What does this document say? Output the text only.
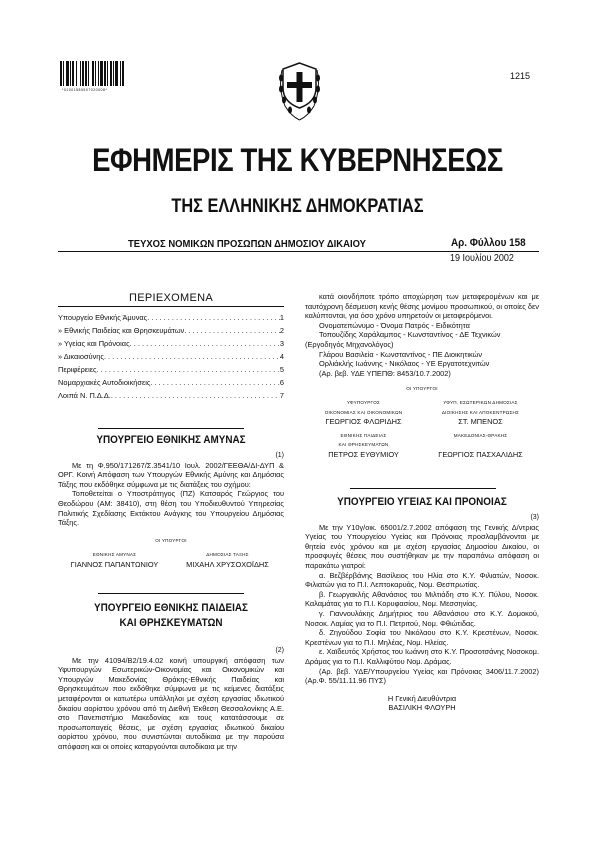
*01001580507020008*
1215
ΕΦΗΜΕΡΙΣ ΤΗΣ ΚΥΒΕΡΝΗΣΕΩΣ
ΤΗΣ ΕΛΛΗΝΙΚΗΣ ΔΗΜΟΚΡΑΤΙΑΣ
ΤΕΥΧΟΣ ΝΟΜΙΚΩΝ ΠΡΟΣΩΠΩΝ ΔΗΜΟΣΙΟΥ ΔΙΚΑΙΟΥ	Αρ. Φύλλου 158
19 Ιουλίου 2002
ΠΕΡΙΕΧΟΜΕΝΑ
Υπουργείο Εθνικής Άμυνας . . .	1
» Εθνικής Παιδείας και Θρησκευμάτων . . .	2
» Υγείας και Πρόνοιας . . .	3
» Δικαιοσύνης . . .	4
Περιφέρειες . . .	5
Νομαρχιακές Αυτοδιοικήσεις . . .	6
Λοιπά Ν. Π.Δ.Δ. . . .	7
ΥΠΟΥΡΓΕΙΟ ΕΘΝΙΚΗΣ ΑΜΥΝΑΣ
(1)
Με τη Φ.950/171267/Σ.3541/10 Ιουλ. 2002/ΓΕΕΘΑ/ΔΙ-ΔΥΠ & ΟΡΓ. Κοινή Απόφαση των Υπουργών Εθνικής Αμύνης και Δημόσιας Τάξης που εκδόθηκε σύμφωνα με τις διατάξεις του σχήμου:
Τοποθετείται ο Υποστράτηγος (ΠΖ) Κατσαρός Γεώργιος του Θεοδώρου (ΑΜ: 38410), στη θέση του Υποδιευθυντού Υπηρεσίας Πολιτικής Σχεδίασης Εκτάκτου Ανάγκης του Υπουργείου Δημόσιας Τάξης.
ΟΙ ΥΠΟΥΡΓΟΙ
ΕΘΝΙΚΗΣ ΑΜΥΝΑΣ
ΓΙΑΝΝΟΣ ΠΑΠΑΝΤΩΝΙΟΥ
ΔΗΜΟΣΙΑΣ ΤΑΞΗΣ
ΜΙΧΑΗΛ ΧΡΥΣΟΧΟΪΔΗΣ
ΥΠΟΥΡΓΕΙΟ ΕΘΝΙΚΗΣ ΠΑΙΔΕΙΑΣ
ΚΑΙ ΘΡΗΣΚΕΥΜΑΤΩΝ
(2)
Με την 41094/Β2/19.4.02 κοινή υπουργική απόφαση των Υφυπουργών Εσωτερικών-Οικονομίας και Οικονομικών και Υπουργών Μακεδονίας Θράκης-Εθνικής Παιδείας και Θρησκευμάτων που εκδόθηκε σύμφωνα με τις κείμενες διατάξεις μεταφέρονται οι κατωτέρω υπάλληλοι με σχέση εργασίας ιδιωτικού δικαίου αορίστου χρόνου από τη Διεθνή Έκθεση Θεσσαλονίκης Α.Ε. στο Πανεπιστήμιο Μακεδονίας και τους κατατάσσουμε σε προσωποπαγείς θέσεις, με σχέση εργασίας ιδιωτικού δικαίου αορίστου χρόνου, που συνιστώνται αυτοδίκαια με την παρούσα απόφαση και οι οποίες καταργούνται αυτοδίκαια με την
κατά οιονδήποτε τρόπο αποχώρηση των μεταφερομένων και με ταυτόχρονη δέσμευση κενής θέσης μονίμου προσωπικού, οι οποίες δεν καλύπτονται, για όσο χρόνο υπηρετούν οι μεταφερόμενοι.
Ονοματεπώνυμο - Όνομα Πατρός - Ειδικότητα
Τοπουζίδης Χαράλαμπος - Κωνσταντίνος - ΔΕ Τεχνικών (Εργοδηγός Μηχανολόγος)
Γλάρου Βασιλεία - Κωνσταντίνος - ΠΕ Διοικητικών
Ορλιάκλής Ιωάννης - Νικόλαος - ΥΕ Εργατοτεχνιτών
(Αρ. βεβ. ΥΔΕ ΥΠΕΠΘ: 8453/10.7.2002)
ΟΙ ΥΠΟΥΡΓΟΙ
ΥΦΥΠΟΥΡΓΟΣ
ΟΙΚΟΝΟΜΙΑΣ ΚΑΙ ΟΙΚΟΝΟΜΙΚΩΝ
ΓΕΩΡΓΙΟΣ ΦΛΩΡΙΔΗΣ
ΥΦΥΠ. ΕΣΩΤΕΡΙΚΩΝ ΔΗΜΟΣΙΑΣ
ΔΙΟΙΚΗΣΗΣ ΚΑΙ ΑΠΟΚΕΝΤΡΩΣΗΣ
ΣΤ. ΜΠΕΝΟΣ
ΕΘΝΙΚΗΣ ΠΑΙΔΕΙΑΣ
ΚΑΙ ΘΡΗΣΚΕΥΜΑΤΩΝ
ΠΕΤΡΟΣ ΕΥΘΥΜΙΟΥ
ΜΑΚΕΔΟΝΙΑΣ-ΘΡΑΚΗΣ

ΓΕΩΡΓΙΟΣ ΠΑΣΧΑΛΙΔΗΣ
ΥΠΟΥΡΓΕΙΟ ΥΓΕΙΑΣ ΚΑΙ ΠΡΟΝΟΙΑΣ
(3)
Με την Υ10γ/οικ. 65001/2.7.2002 απόφαση της Γενικής Δ/ντριας Υγείας του Υπουργείου Υγείας και Πρόνοιας προσλαμβάνονται με θητεία ενός χρόνου και με σχέση εργασίας Δημοσίου Δικαίου, οι προσφυγές θέσεις που συστήθηκαν με την παραπάνω απόφαση οι παρακάτω γιατροί:
α. Βεζβέρβάνης Βασίλειος του Ηλία στο Κ.Υ. Φιλιατών, Νοσοκ. Φιλιατών για το Π.Ι. Λεπτοκαρυάς, Νομ. Θεσπρωτίας.
β. Γεωργακλής Αθανάσιος του Μιλτιάδη στο Κ.Υ. Πύλου, Νοσοκ. Καλαμάτας για το Π.Ι. Κορυφασίου, Νομ. Μεσσηνίας.
γ. Γιαννουλάκης Δημήτριος του Αθανάσιου στο Κ.Υ. Δομοκού, Νοσοκ. Λαμίας για το Π.Ι. Πετριτού, Νομ. Φθιώτιδας.
δ. Ζηγούδου Σοφία του Νικόλαου στο Κ.Υ. Κρεστένων, Νοσοκ. Κρεστένων για το Π.Ι. Μηλέας, Νομ. Ηλείας.
ε. Χαϊδευτός Χρήστος του Ιωάννη στο Κ.Υ. Προσοτσάνης Νοσοκομ. Δράμας για το Π.Ι. Καλλιφύτου Νομ. Δράμας.
(Αρ. βεβ. ΥΔΕ/Υπουργείου Υγείας και Πρόνοιας 3406/11.7.2002) (Αρ.Φ. 55/11.11.96 ΠΥΣ)
Η Γενική Διευθύντρια
ΒΑΣΙΛΙΚΗ ΦΛΟΥΡΗ
